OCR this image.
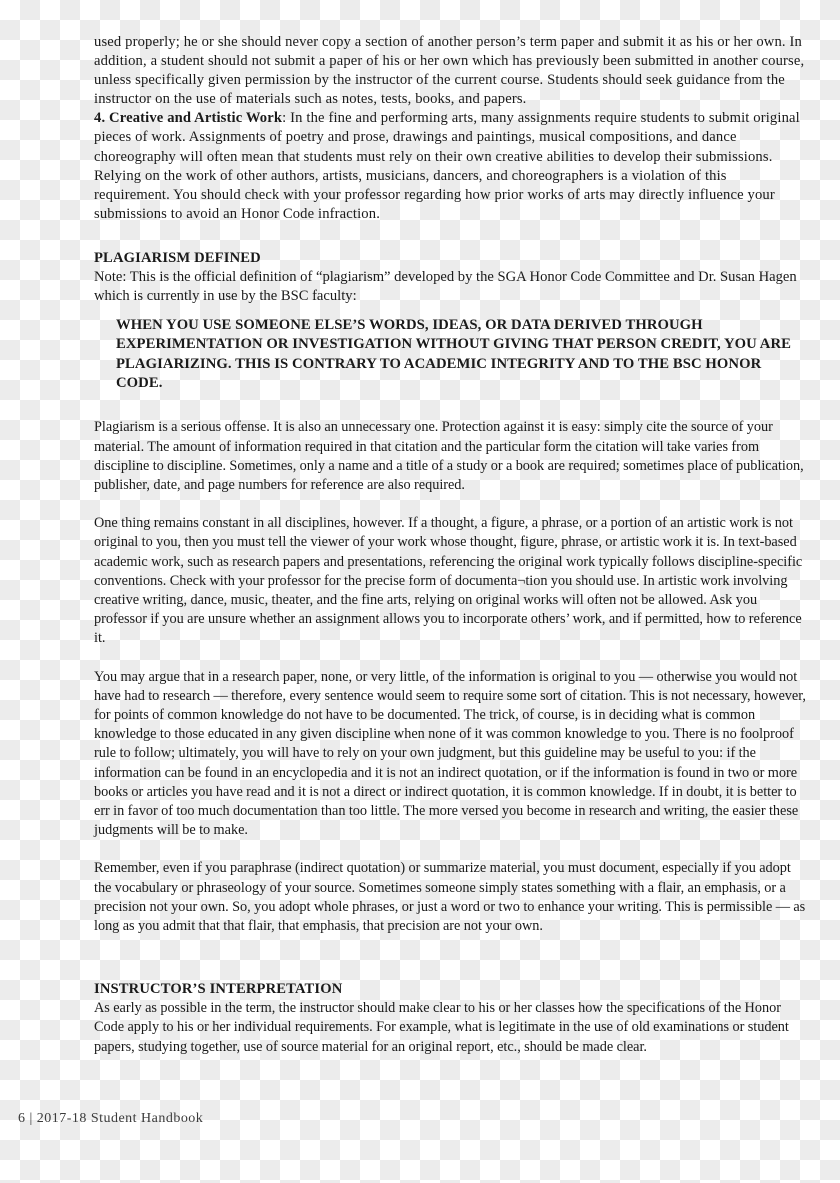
used properly; he or she should never copy a section of another person’s term paper and submit it as his or her own. In addition, a student should not submit a paper of his or her own which has previously been submitted in another course, unless specifically given permission by the instructor of the current course. Students should seek guidance from the instructor on the use of materials such as notes, tests, books, and papers.

4. Creative and Artistic Work: In the fine and performing arts, many assignments require students to submit original pieces of work. Assignments of poetry and prose, drawings and paintings, musical compositions, and dance choreography will often mean that students must rely on their own creative abilities to develop their submissions. Relying on the work of other authors, artists, musicians, dancers, and choreographers is a violation of this requirement. You should check with your professor regarding how prior works of arts may directly influence your submissions to avoid an Honor Code infraction.

PLAGIARISM DEFINED

Note: This is the official definition of “plagiarism” developed by the SGA Honor Code Committee and Dr. Susan Hagen which is currently in use by the BSC faculty:

WHEN YOU USE SOMEONE ELSE’S WORDS, IDEAS, OR DATA DERIVED THROUGH EXPERIMENTATION OR INVESTIGATION WITHOUT GIVING THAT PERSON CREDIT, YOU ARE PLAGIARIZING. THIS IS CONTRARY TO ACADEMIC INTEGRITY AND TO THE BSC HONOR CODE.

Plagiarism is a serious offense. It is also an unnecessary one. Protection against it is easy: simply cite the source of your material. The amount of information required in that citation and the particular form the citation will take varies from discipline to discipline. Sometimes, only a name and a title of a study or a book are required; sometimes place of publication, publisher, date, and page numbers for reference are also required.

One thing remains constant in all disciplines, however. If a thought, a figure, a phrase, or a portion of an artistic work is not original to you, then you must tell the viewer of your work whose thought, figure, phrase, or artistic work it is. In text-based academic work, such as research papers and presentations, referencing the original work typically follows discipline-specific conventions. Check with your professor for the precise form of documenta¬tion you should use. In artistic work involving creative writing, dance, music, theater, and the fine arts, relying on original works will often not be allowed. Ask you professor if you are unsure whether an assignment allows you to incorporate others’ work, and if permitted, how to reference it.

You may argue that in a research paper, none, or very little, of the information is original to you — otherwise you would not have had to research — therefore, every sentence would seem to require some sort of citation. This is not necessary, however, for points of common knowledge do not have to be documented. The trick, of course, is in deciding what is common knowledge to those educated in any given discipline when none of it was common knowledge to you. There is no foolproof rule to follow; ultimately, you will have to rely on your own judgment, but this guideline may be useful to you: if the information can be found in an encyclopedia and it is not an indirect quotation, or if the information is found in two or more books or articles you have read and it is not a direct or indirect quotation, it is common knowledge. If in doubt, it is better to err in favor of too much documentation than too little. The more versed you become in research and writing, the easier these judgments will be to make.

Remember, even if you paraphrase (indirect quotation) or summarize material, you must document, especially if you adopt the vocabulary or phraseology of your source. Sometimes someone simply states something with a flair, an emphasis, or a precision not your own. So, you adopt whole phrases, or just a word or two to enhance your writing. This is permissible — as long as you admit that that flair, that emphasis, that precision are not your own.

INSTRUCTOR’S INTERPRETATION

As early as possible in the term, the instructor should make clear to his or her classes how the specifications of the Honor Code apply to his or her individual requirements. For example, what is legitimate in the use of old examinations or student papers, studying together, use of source material for an original report, etc., should be made clear.

6 | 2017-18 Student Handbook
